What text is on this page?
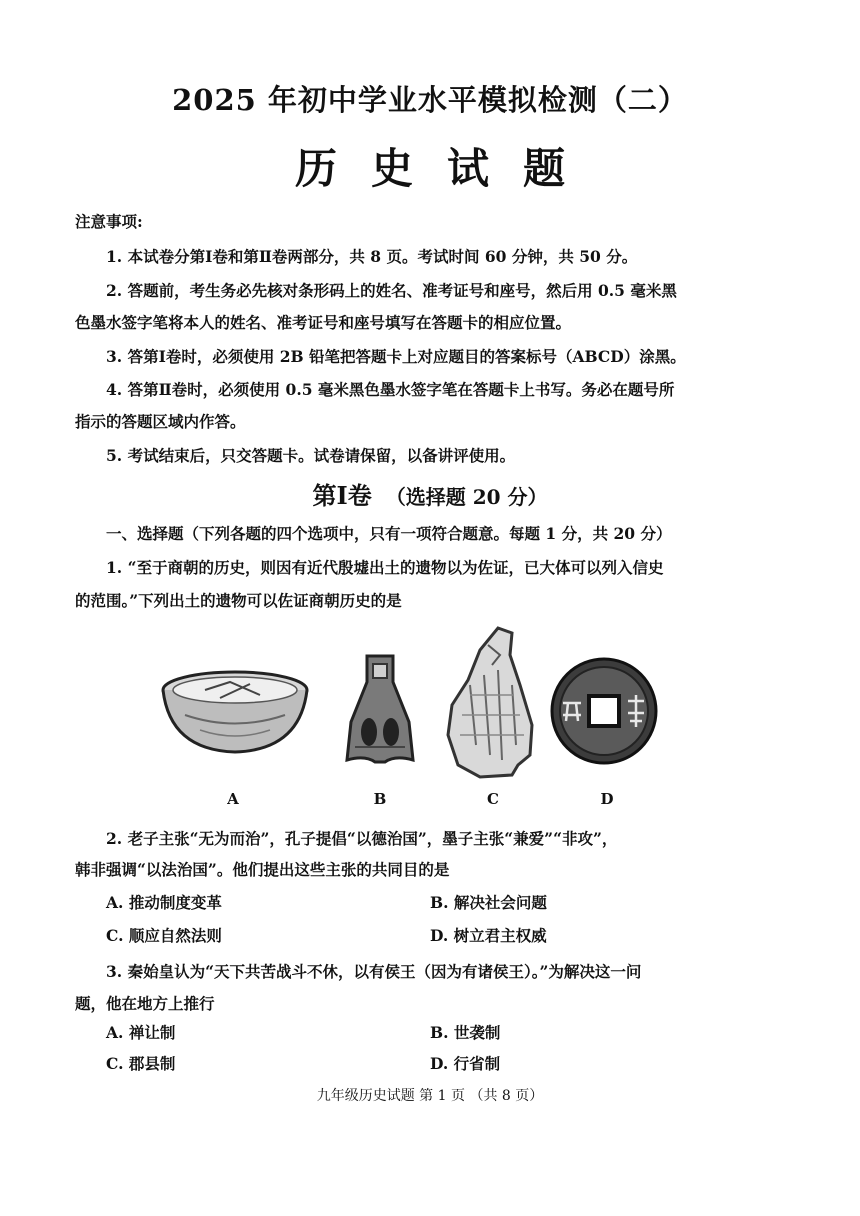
2025 年初中学业水平模拟检测（二）
历史试题
注意事项:
1. 本试卷分第Ⅰ卷和第Ⅱ卷两部分，共 8 页。考试时间 60 分钟，共 50 分。
2. 答题前，考生务必先核对条形码上的姓名、准考证号和座号，然后用 0.5 毫米黑
色墨水签字笔将本人的姓名、准考证号和座号填写在答题卡的相应位置。
3. 答第Ⅰ卷时，必须使用 2B 铅笔把答题卡上对应题目的答案标号（ABCD）涂黑。
4. 答第Ⅱ卷时，必须使用 0.5 毫米黑色墨水签字笔在答题卡上书写。务必在题号所
指示的答题区域内作答。
5. 考试结束后，只交答题卡。试卷请保留，以备讲评使用。
第Ⅰ卷 （选择题 20 分）
一、选择题（下列各题的四个选项中，只有一项符合题意。每题 1 分，共 20 分）
1. “至于商朝的历史，则因有近代殷墟出土的遗物以为佐证，已大体可以列入信史
的范围。”下列出土的遗物可以佐证商朝历史的是
A	B	C	D
2. 老子主张“无为而治”，孔子提倡“以德治国”，墨子主张“兼爱”“非攻”，
韩非强调“以法治国”。他们提出这些主张的共同目的是
A. 推动制度变革	B. 解决社会问题
C. 顺应自然法则	D. 树立君主权威
3. 秦始皇认为“天下共苦战斗不休，以有侯王（因为有诸侯王）。”为解决这一问
题，他在地方上推行
A. 禅让制	B. 世袭制
C. 郡县制	D. 行省制
九年级历史试题 第 1 页 （共 8 页）
